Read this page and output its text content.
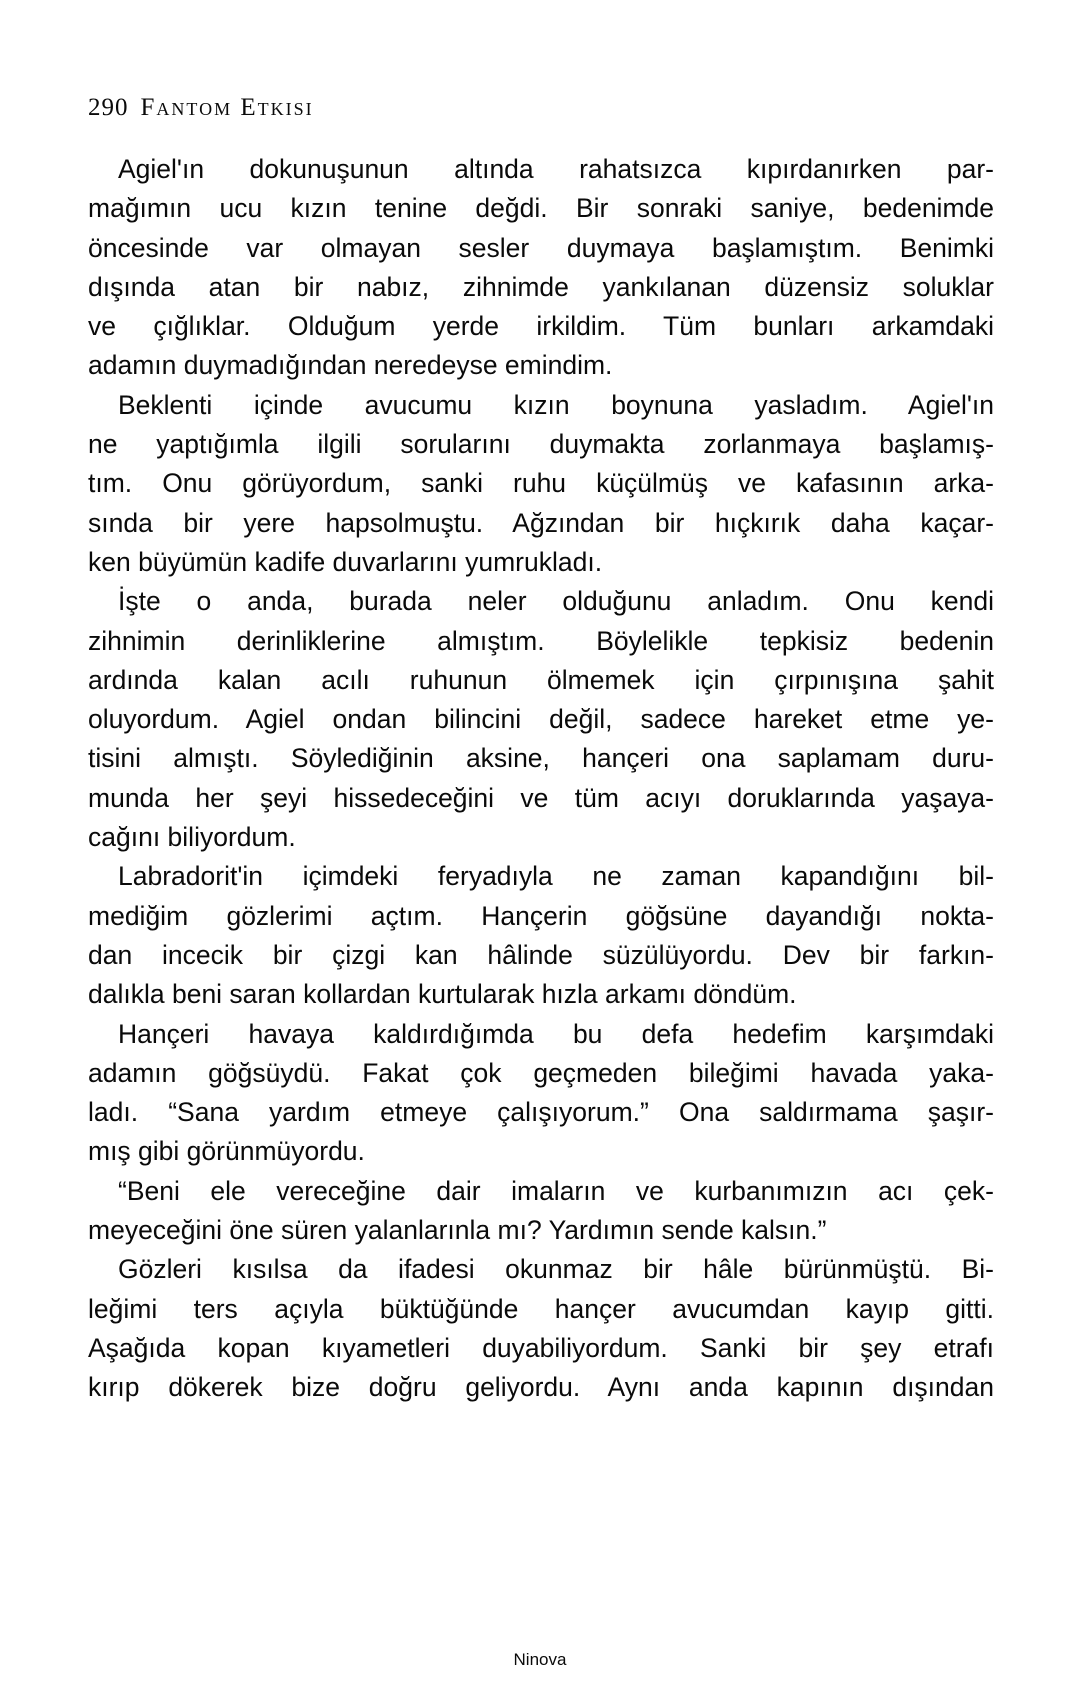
290 Fantom Etkisi
Agiel'ın dokunuşunun altında rahatsızca kıpırdanırken par-
mağımın ucu kızın tenine değdi. Bir sonraki saniye, bedenimde
öncesinde var olmayan sesler duymaya başlamıştım. Benimki
dışında atan bir nabız, zihnimde yankılanan düzensiz soluklar
ve çığlıklar. Olduğum yerde irkildim. Tüm bunları arkamdaki
adamın duymadığından neredeyse emindim.
Beklenti içinde avucumu kızın boynuna yasladım. Agiel'ın
ne yaptığımla ilgili sorularını duymakta zorlanmaya başlamış-
tım. Onu görüyordum, sanki ruhu küçülmüş ve kafasının arka-
sında bir yere hapsolmuştu. Ağzından bir hıçkırık daha kaçar-
ken büyümün kadife duvarlarını yumrukladı.
İşte o anda, burada neler olduğunu anladım. Onu kendi
zihnimin derinliklerine almıştım. Böylelikle tepkisiz bedenin
ardında kalan acılı ruhunun ölmemek için çırpınışına şahit
oluyordum. Agiel ondan bilincini değil, sadece hareket etme ye-
tisini almıştı. Söylediğinin aksine, hançeri ona saplamam duru-
munda her şeyi hissedeceğini ve tüm acıyı doruklarında yaşaya-
cağını biliyordum.
Labradorit'in içimdeki feryadıyla ne zaman kapandığını bil-
mediğim gözlerimi açtım. Hançerin göğsüne dayandığı nokta-
dan incecik bir çizgi kan hâlinde süzülüyordu. Dev bir farkın-
dalıkla beni saran kollardan kurtularak hızla arkamı döndüm.
Hançeri havaya kaldırdığımda bu defa hedefim karşımdaki
adamın göğsüydü. Fakat çok geçmeden bileğimi havada yaka-
ladı. “Sana yardım etmeye çalışıyorum.” Ona saldırmama şaşır-
mış gibi görünmüyordu.
“Beni ele vereceğine dair imaların ve kurbanımızın acı çek-
meyeceğini öne süren yalanlarınla mı? Yardımın sende kalsın.”
Gözleri kısılsa da ifadesi okunmaz bir hâle bürünmüştü. Bi-
leğimi ters açıyla büktüğünde hançer avucumdan kayıp gitti.
Aşağıda kopan kıyametleri duyabiliyordum. Sanki bir şey etrafı
kırıp dökerek bize doğru geliyordu. Aynı anda kapının dışından
Ninova
